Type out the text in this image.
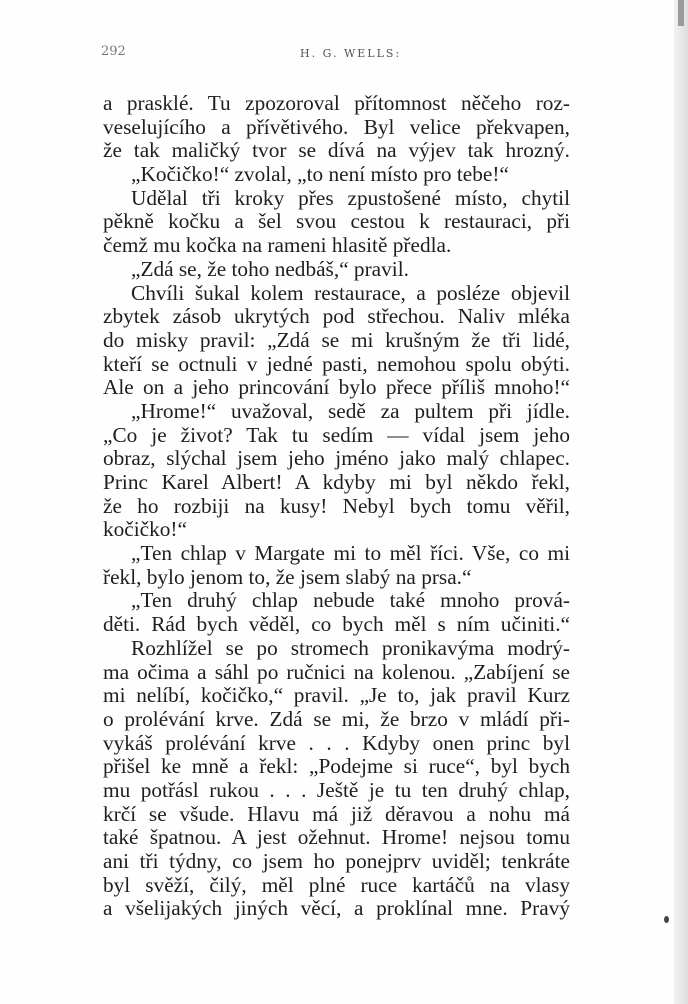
292	H. G. WELLS:
a prasklé. Tu zpozoroval přítomnost něčeho roz-
veselujícího a přívětivého. Byl velice překvapen,
že tak maličký tvor se dívá na výjev tak hrozný.
„Kočičko!“ zvolal, „to není místo pro tebe!“
Udělal tři kroky přes zpustošené místo, chytil
pěkně kočku a šel svou cestou k restauraci, při
čemž mu kočka na rameni hlasitě předla.
„Zdá se, že toho nedbáš,“ pravil.
Chvíli šukal kolem restaurace, a posléze objevil
zbytek zásob ukrytých pod střechou. Naliv mléka
do misky pravil: „Zdá se mi krušným že tři lidé,
kteří se octnuli v jedné pasti, nemohou spolu obýti.
Ale on a jeho princování bylo přece příliš mnoho!“
„Hrome!“ uvažoval, sedě za pultem při jídle.
„Co je život? Tak tu sedím — vídal jsem jeho
obraz, slýchal jsem jeho jméno jako malý chlapec.
Princ Karel Albert! A kdyby mi byl někdo řekl,
že ho rozbiji na kusy! Nebyl bych tomu věřil,
kočičko!“
„Ten chlap v Margate mi to měl říci. Vše, co mi
řekl, bylo jenom to, že jsem slabý na prsa.“
„Ten druhý chlap nebude také mnoho prová-
děti. Rád bych věděl, co bych měl s ním učiniti.“
Rozhlížel se po stromech pronikavýma modrý-
ma očima a sáhl po ručnici na kolenou. „Zabíjení se
mi nelíbí, kočičko,“ pravil. „Je to, jak pravil Kurz
o prolévání krve. Zdá se mi, že brzo v mládí při-
vykáš prolévání krve . . . Kdyby onen princ byl
přišel ke mně a řekl: „Podejme si ruce“, byl bych
mu potřásl rukou . . . Ještě je tu ten druhý chlap,
krčí se všude. Hlavu má již děravou a nohu má
také špatnou. A jest ožehnut. Hrome! nejsou tomu
ani tři týdny, co jsem ho ponejprv uviděl; tenkráte
byl svěží, čilý, měl plné ruce kartáčů na vlasy
a všelijakých jiných věcí, a proklínal mne. Pravý
